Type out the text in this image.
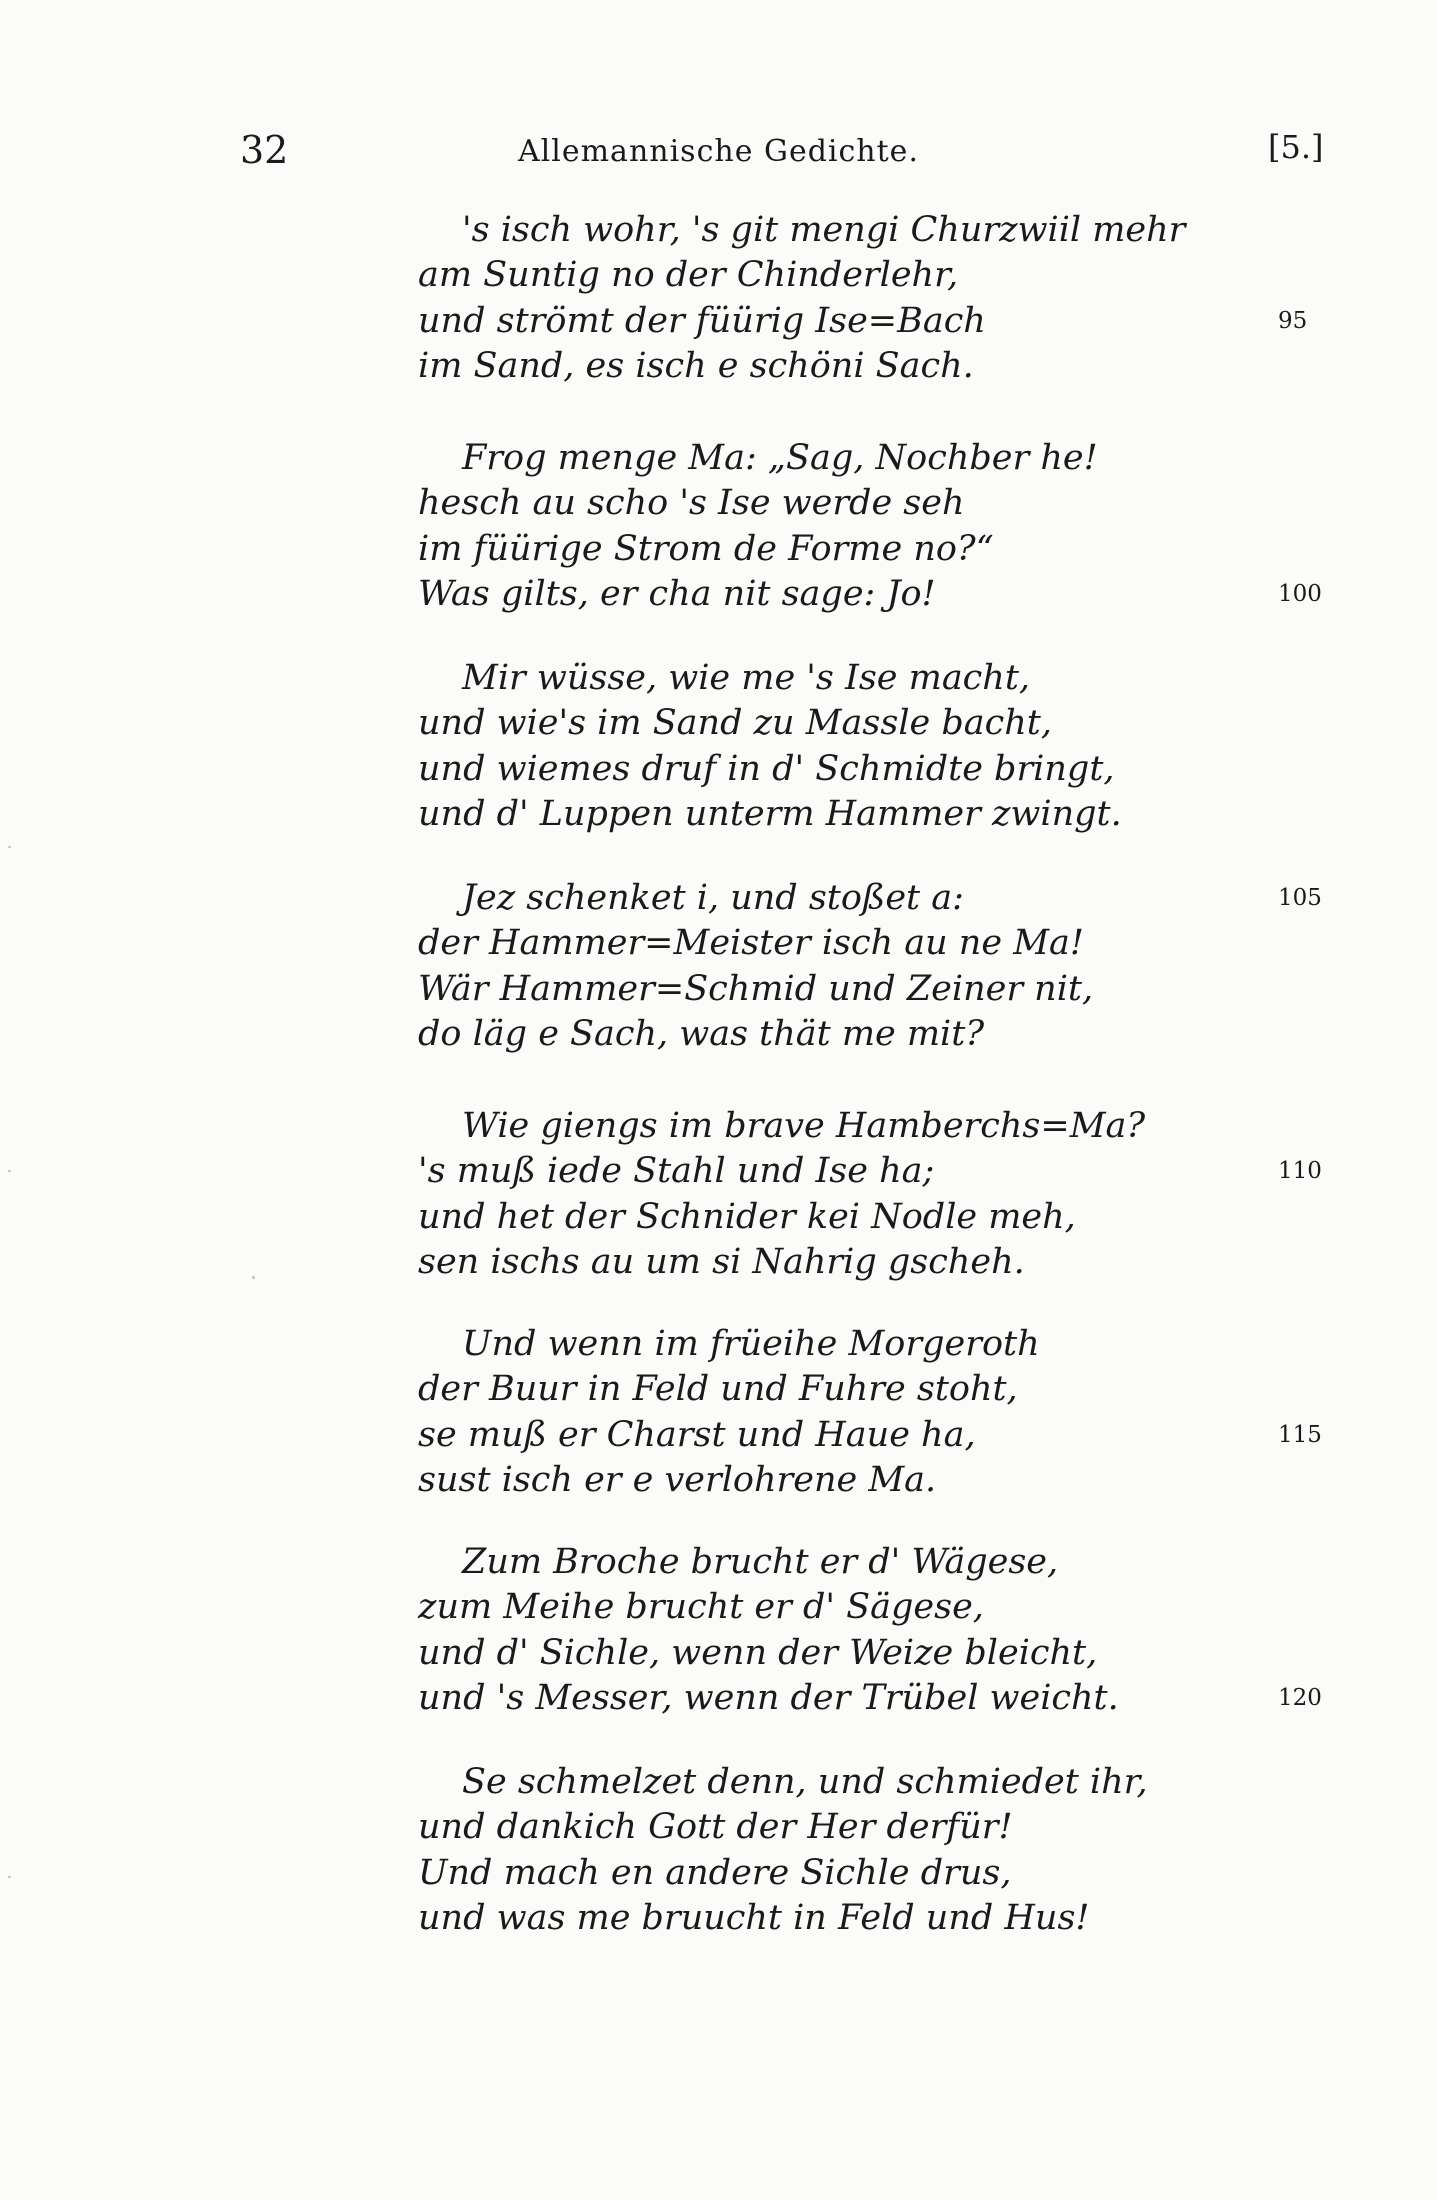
32	Allemannische Gedichte.	[5.]
's isch wohr, 's git mengi Churzwiil mehr
am Suntig no der Chinderlehr,
und strömt der füürig Ise=Bach
im Sand, es isch e schöni Sach.
95
Frog menge Ma: „Sag, Nochber he!
hesch au scho 's Ise werde seh
im füürige Strom de Forme no?“
Was gilts, er cha nit sage: Jo!	100
Mir wüsse, wie me 's Ise macht,
und wie's im Sand zu Massle bacht,
und wiemes druf in d' Schmidte bringt,
und d' Luppen unterm Hammer zwingt.
Jez schenket i, und stoßet a:
der Hammer=Meister isch au ne Ma!
Wär Hammer=Schmid und Zeiner nit,
do läg e Sach, was thät me mit?
105
Wie giengs im brave Hamberchs=Ma?
's muß iede Stahl und Ise ha;
und het der Schnider kei Nodle meh,
sen ischs au um si Nahrig gscheh.
110
Und wenn im früeihe Morgeroth
der Buur in Feld und Fuhre stoht,
se muß er Charst und Haue ha,
sust isch er e verlohrene Ma.
115
Zum Broche brucht er d' Wägese,
zum Meihe brucht er d' Sägese,
und d' Sichle, wenn der Weize bleicht,
und 's Messer, wenn der Trübel weicht.	120
Se schmelzet denn, und schmiedet ihr,
und dankich Gott der Her derfür!
Und mach en andere Sichle drus,
und was me bruucht in Feld und Hus!
